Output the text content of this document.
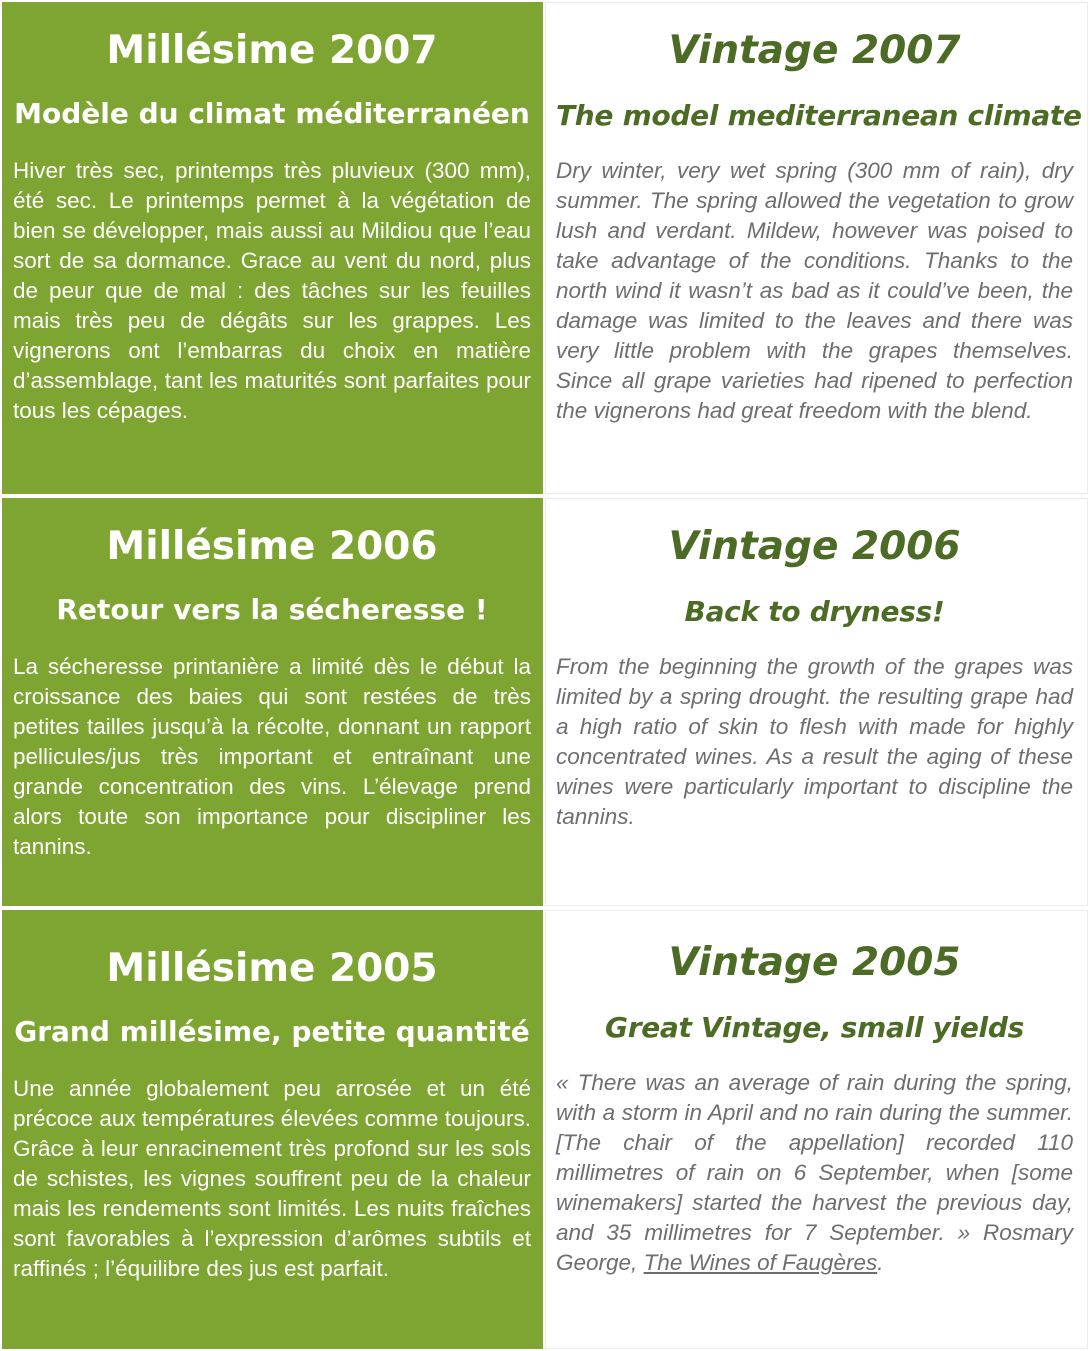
Millésime 2007
Modèle du climat méditerranéen

Hiver très sec, printemps très pluvieux (300 mm), été sec. Le printemps permet à la végétation de bien se développer, mais aussi au Mildiou que l’eau sort de sa dormance. Grace au vent du nord, plus de peur que de mal : des tâches sur les feuilles mais très peu de dégâts sur les grappes. Les vignerons ont l’embarras du choix en matière d’assemblage, tant les maturités sont parfaites pour tous les cépages.

Vintage 2007
The model mediterranean climate

Dry winter, very wet spring (300 mm of rain), dry summer. The spring allowed the vegetation to grow lush and verdant. Mildew, however was poised to take advantage of the conditions. Thanks to the north wind it wasn’t as bad as it could’ve been, the damage was limited to the leaves and there was very little problem with the grapes themselves. Since all grape varieties had ripened to perfection the vignerons had great freedom with the blend.

Millésime 2006
Retour vers la sécheresse !

La sécheresse printanière a limité dès le début la croissance des baies qui sont restées de très petites tailles jusqu’à la récolte, donnant un rapport pellicules/jus très important et entraînant une grande concentration des vins. L’élevage prend alors toute son importance pour discipliner les tannins.

Vintage 2006
Back to dryness!

From the beginning the growth of the grapes was limited by a spring drought. the resulting grape had a high ratio of skin to flesh with made for highly concentrated wines. As a result the aging of these wines were particularly important to discipline the tannins.

Millésime 2005
Grand millésime, petite quantité

Une année globalement peu arrosée et un été précoce aux températures élevées comme toujours. Grâce à leur enracinement très profond sur les sols de schistes, les vignes souffrent peu de la chaleur mais les rendements sont limités. Les nuits fraîches sont favorables à l’expression d’arômes subtils et raffinés ; l’équilibre des jus est parfait.

Vintage 2005
Great Vintage, small yields

« There was an average of rain during the spring, with a storm in April and no rain during the summer. [The chair of the appellation] recorded 110 millimetres of rain on 6 September, when [some winemakers] started the harvest the previous day, and 35 millimetres for 7 September. » Rosmary George, The Wines of Faugères.
